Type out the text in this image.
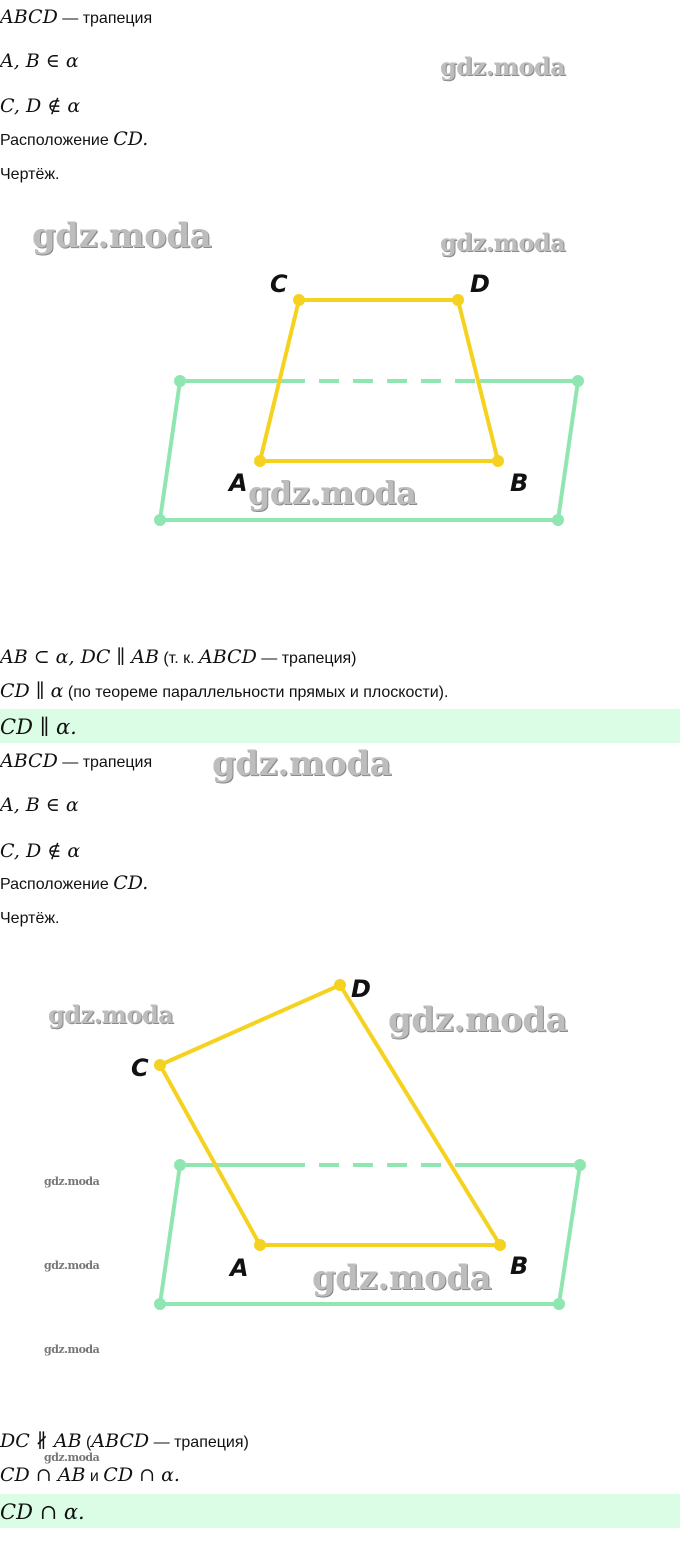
ABCD — трапеция
A, B ∈ α
C, D ∉ α
Расположение CD.
Чертёж.
C	D
A	B
AB ⊂ α, DC ∥ AB (т. к. ABCD — трапеция)
CD ∥ α (по теореме параллельности прямых и плоскости).
CD ∥ α.
ABCD — трапеция
A, B ∈ α
C, D ∉ α
Расположение CD.
Чертёж.
C
D
A	B
DC ∦ AB (ABCD — трапеция)
CD ∩ AB и CD ∩ α.
CD ∩ α.
gdz.moda
gdz.moda	gdz.moda
gdz.moda
gdz.moda
gdz.moda	gdz.moda
gdz.moda
gdz.moda
gdz.moda
gdz.moda
gdz.moda
